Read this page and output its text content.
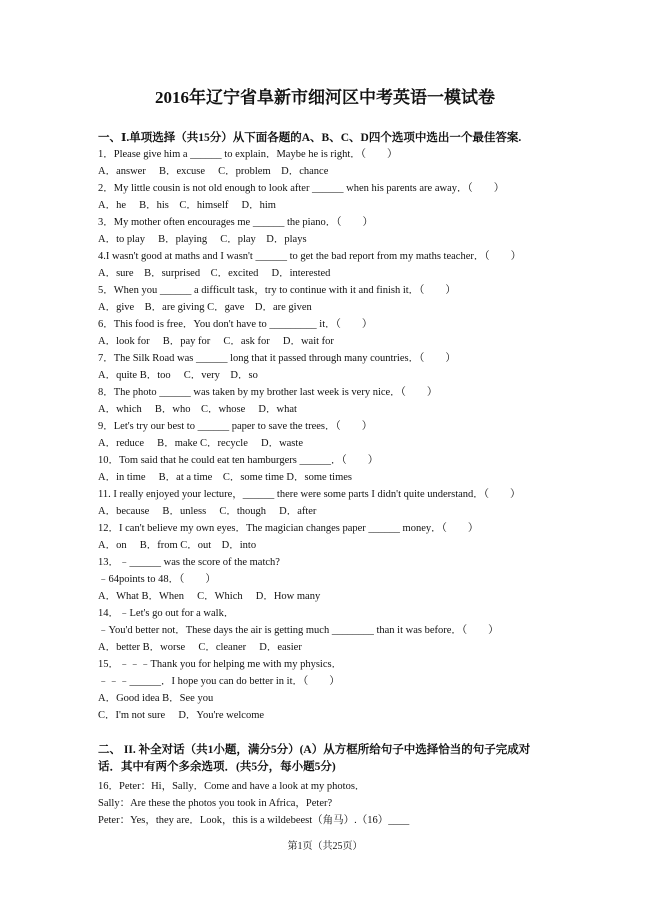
2016年辽宁省阜新市细河区中考英语一模试卷
一、Ⅰ.单项选择（共15分）从下面各题的A、B、C、D四个选项中选出一个最佳答案.
1．Please give him a ______ to explain．Maybe he is right．（　　）
A．answer　 B．excuse　 C．problem　D．chance
2．My little cousin is not old enough to look after ______ when his parents are away．（　　）
A．he　 B．his　C．himself　 D．him
3．My mother often encourages me ______ the piano．（　　）
A．to play　 B．playing　 C．play　D．plays
4.I wasn't good at maths and I wasn't ______ to get the bad report from my maths teacher．（　　）
A．sure　B．surprised　C．excited　 D．interested
5．When you ______ a difficult task，try to continue with it and finish it．（　　）
A．give　B．are giving C．gave　D．are given
6．This food is free．You don't have to _________ it．（　　）
A．look for　 B．pay for　 C．ask for　 D．wait for
7．The Silk Road was ______ long that it passed through many countries．（　　）
A．quite B．too　 C．very　D．so
8．The photo ______ was taken by my brother last week is very nice．（　　）
A．which　 B．who　C．whose　 D．what
9．Let's try our best to ______ paper to save the trees．（　　）
A．reduce　 B．make C．recycle　 D．waste
10．Tom said that he could eat ten hamburgers ______．（　　）
A．in time　 B．at a time　C．some time D．some times
11. I really enjoyed your lecture，______ there were some parts I didn't quite understand．（　　）
A．because　 B．unless　 C．though　 D．after
12．I can't believe my own eyes．The magician changes paper ______ money．（　　）
A．on　 B．from C．out　D．into
13．﹣______ was the score of the match?
﹣64points to 48．（　　）
A．What B．When　 C．Which　 D．How many
14．﹣Let's go out for a walk．
﹣You'd better not．These days the air is getting much ________ than it was before．（　　）
A．better B．worse　 C．cleaner　 D．easier
15．﹣﹣﹣Thank you for helping me with my physics．
﹣﹣﹣______．I hope you can do better in it．（　　）
A．Good idea B．See you
C．I'm not sure　 D．You're welcome
二、 II. 补全对话（共1小题，满分5分）(A）从方框所给句子中选择恰当的句子完成对
话．其中有两个多余选项．(共5分，每小题5分)
16．Peter：Hi，Sally．Come and have a look at my photos．
Sally：Are these the photos you took in Africa，Peter?
Peter：Yes，they are．Look，this is a wildebeest（角马）.（16）____
第1页（共25页）
